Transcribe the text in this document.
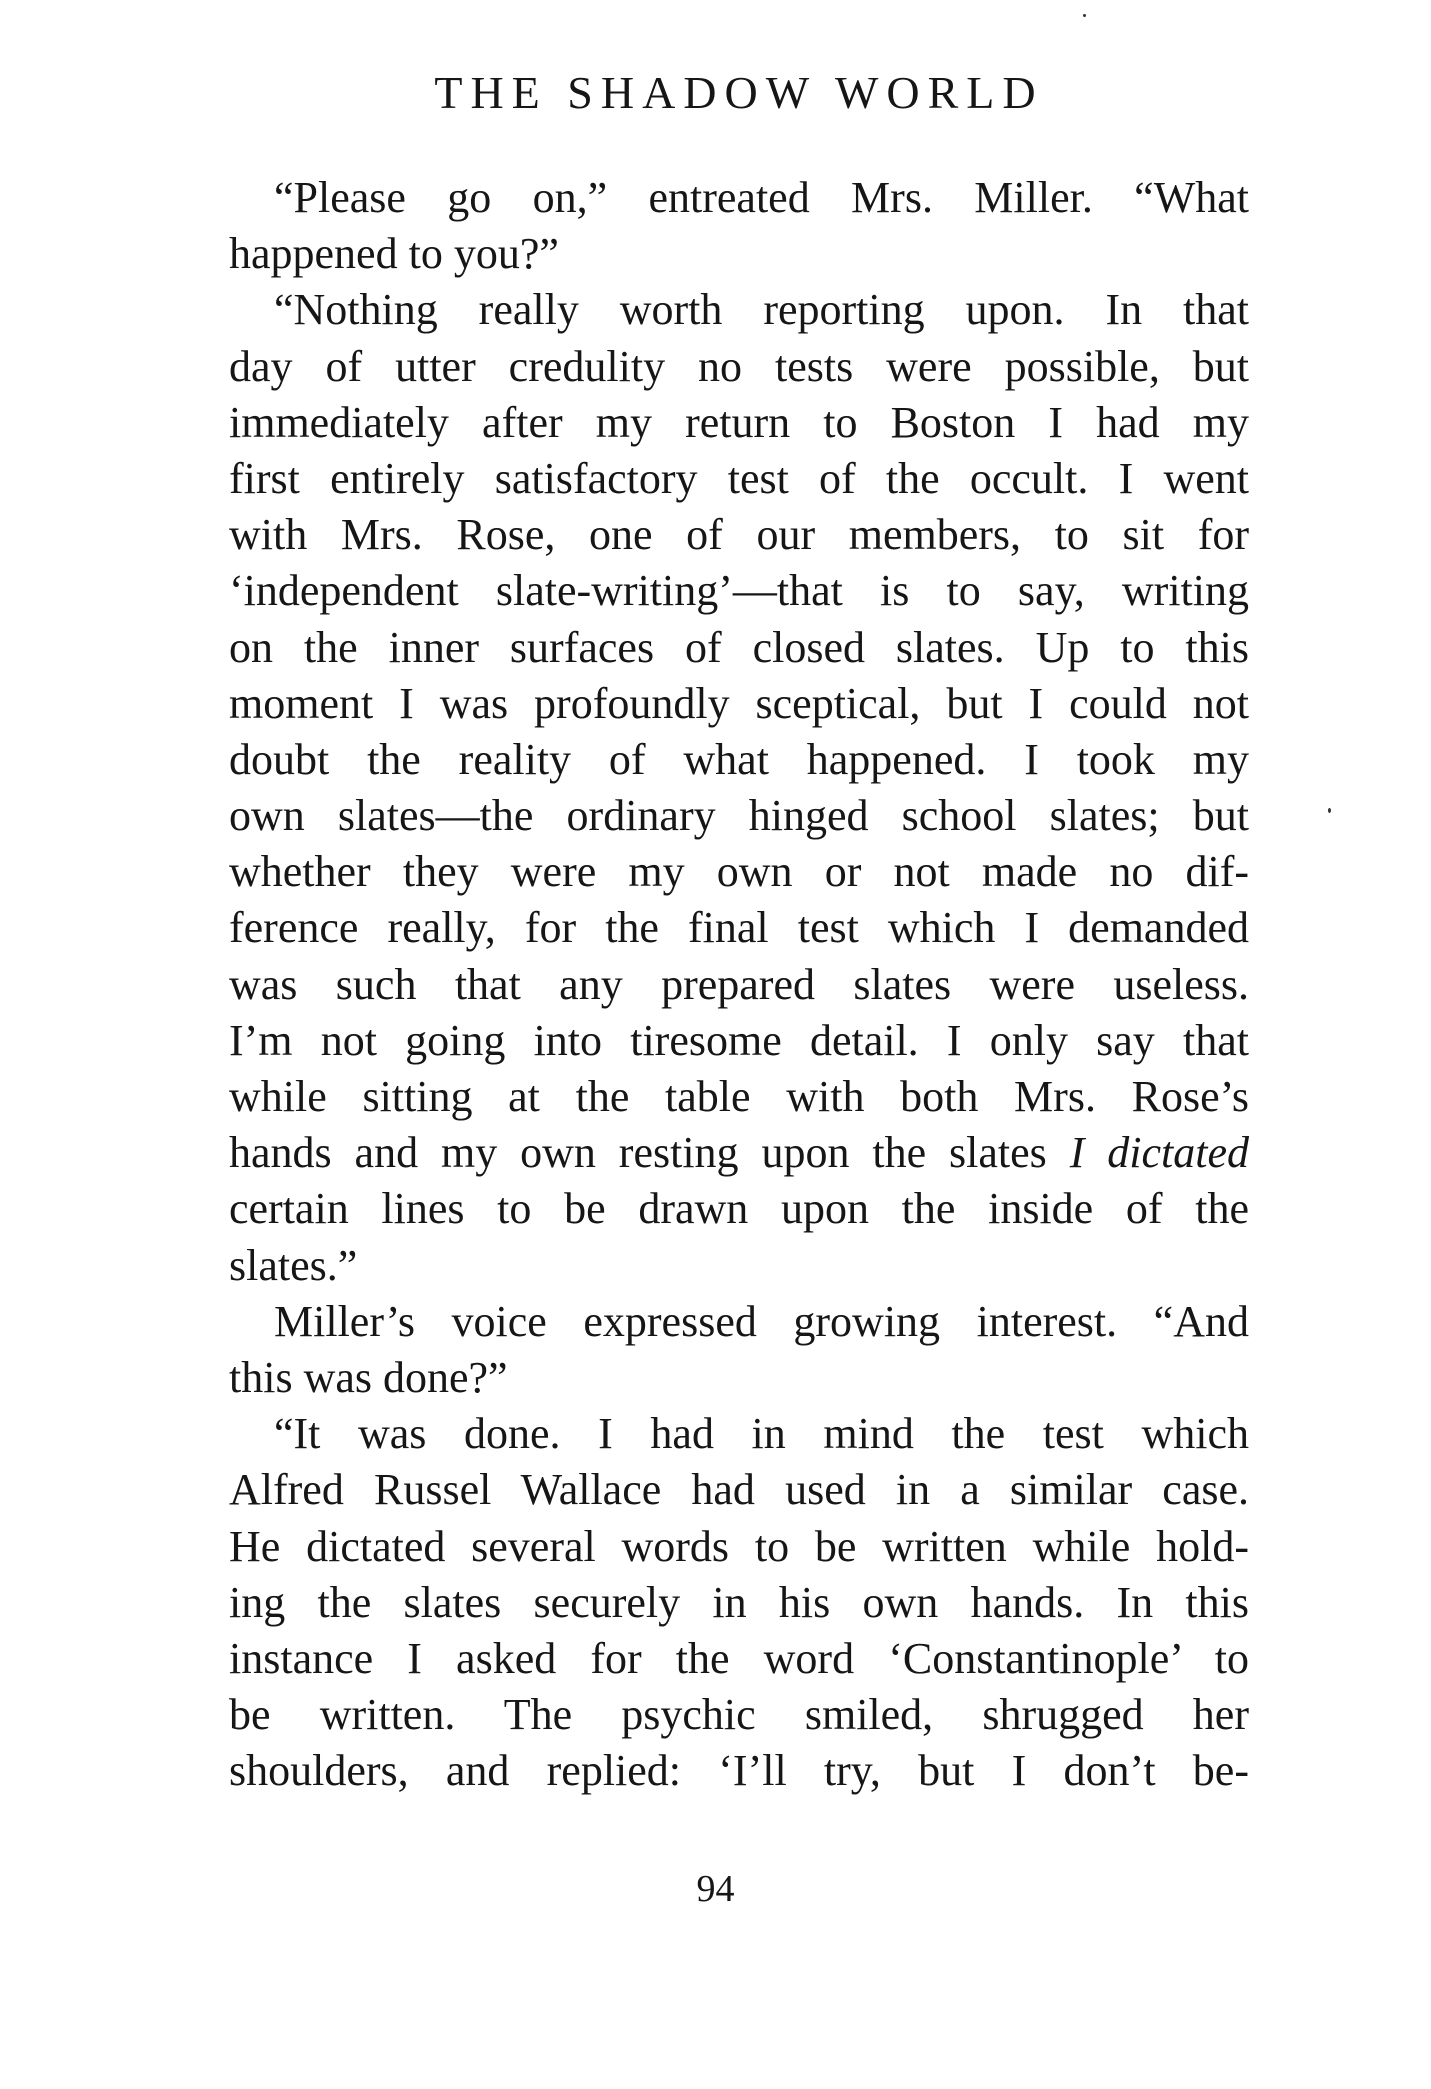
THE SHADOW WORLD
“Please go on,” entreated Mrs. Miller. “What
happened to you?”
“Nothing really worth reporting upon. In that
day of utter credulity no tests were possible, but
immediately after my return to Boston I had my
first entirely satisfactory test of the occult. I went
with Mrs. Rose, one of our members, to sit for
‘independent slate-writing’—that is to say, writing
on the inner surfaces of closed slates. Up to this
moment I was profoundly sceptical, but I could not
doubt the reality of what happened. I took my
own slates—the ordinary hinged school slates; but
whether they were my own or not made no dif-
ference really, for the final test which I demanded
was such that any prepared slates were useless.
I’m not going into tiresome detail. I only say that
while sitting at the table with both Mrs. Rose’s
hands and my own resting upon the slates I dictated
certain lines to be drawn upon the inside of the
slates.”
Miller’s voice expressed growing interest. “And
this was done?”
“It was done. I had in mind the test which
Alfred Russel Wallace had used in a similar case.
He dictated several words to be written while hold-
ing the slates securely in his own hands. In this
instance I asked for the word ‘Constantinople’ to
be written. The psychic smiled, shrugged her
shoulders, and replied: ‘I’ll try, but I don’t be-
94
